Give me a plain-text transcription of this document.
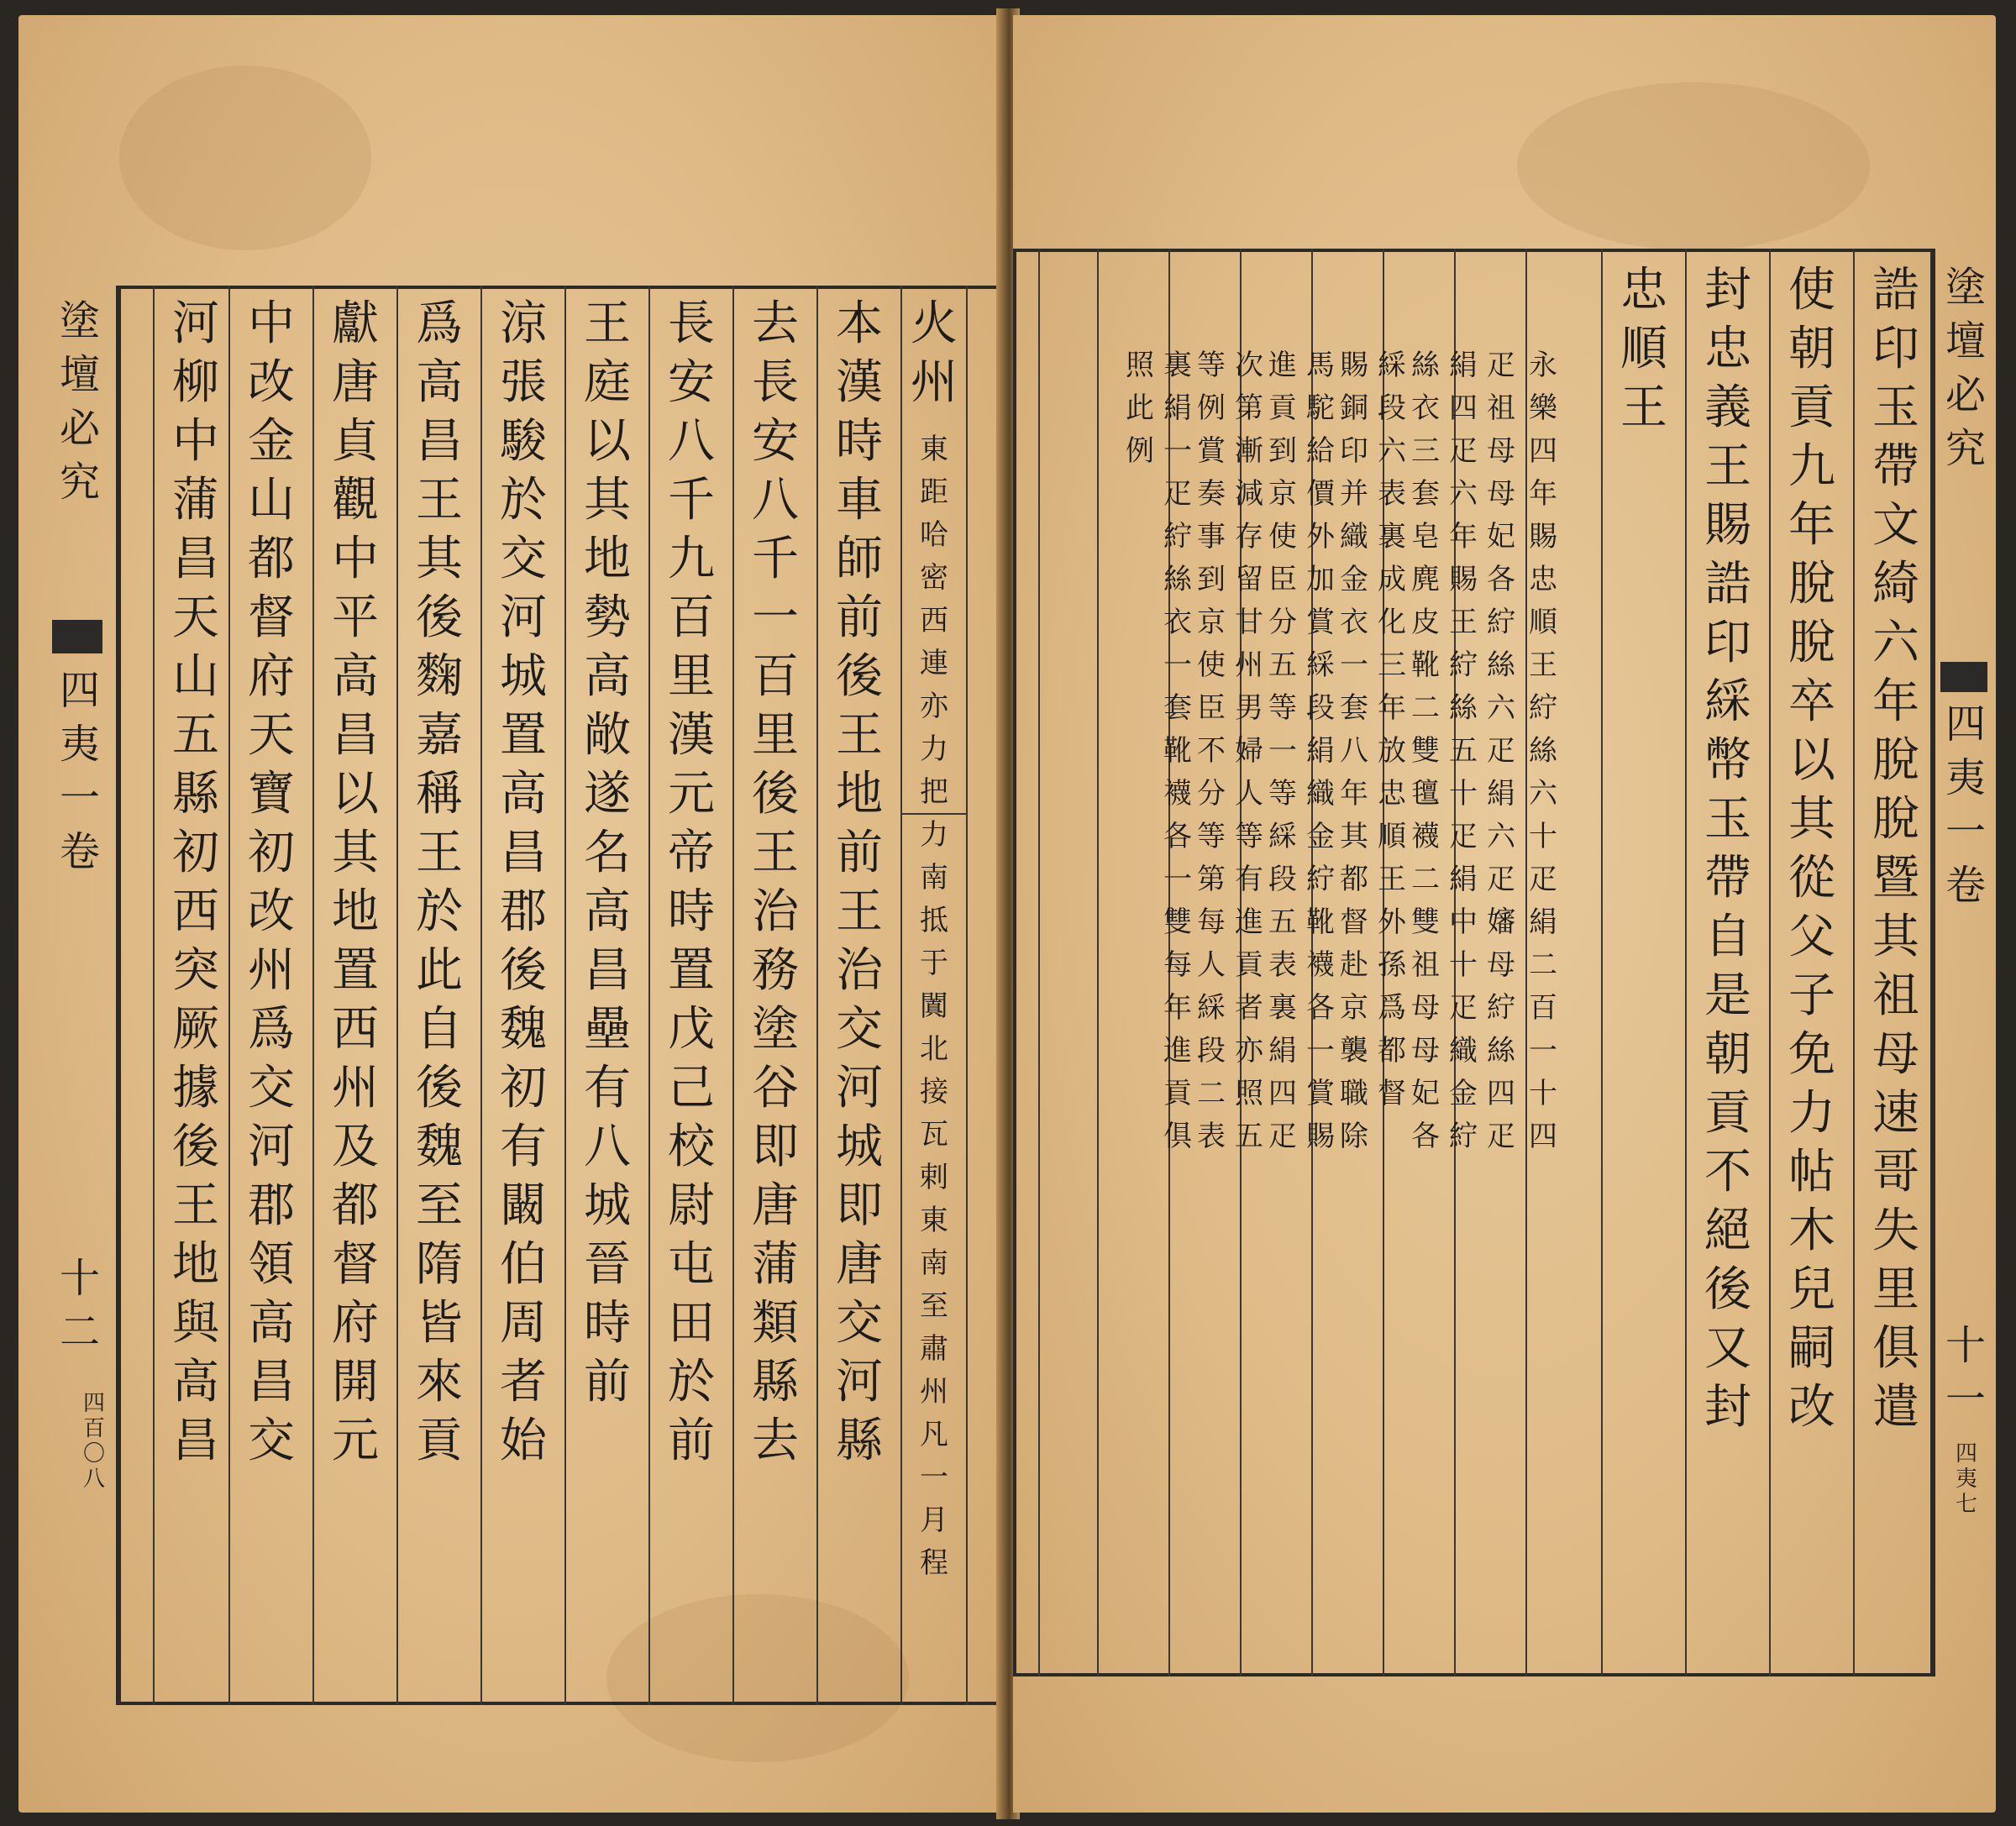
塗
壇
必
究
四
夷
一
卷
十
二
四
百
〇
八
火
州
東
距
哈
密
西
連
亦
力
把
力
南
抵
于
闐
北
接
瓦
剌
東
南
至
肅
州
凡
一
月
程
本
漢
時
車
師
前
後
王
地
前
王
治
交
河
城
即
唐
交
河
縣
去
長
安
八
千
一
百
里
後
王
治
務
塗
谷
即
唐
蒲
類
縣
去
長
安
八
千
九
百
里
漢
元
帝
時
置
戊
己
校
尉
屯
田
於
前
王
庭
以
其
地
勢
高
敞
遂
名
高
昌
壘
有
八
城
晉
時
前
涼
張
駿
於
交
河
城
置
高
昌
郡
後
魏
初
有
闞
伯
周
者
始
爲
高
昌
王
其
後
麴
嘉
稱
王
於
此
自
後
魏
至
隋
皆
來
貢
獻
唐
貞
觀
中
平
高
昌
以
其
地
置
西
州
及
都
督
府
開
元
中
改
金
山
都
督
府
天
寶
初
改
州
爲
交
河
郡
領
高
昌
交
河
柳
中
蒲
昌
天
山
五
縣
初
西
突
厥
據
後
王
地
與
高
昌
塗
壇
必
究
四
夷
一
卷
十
一
四
夷
七
誥
印
玉
帶
文
綺
六
年
脫
脫
暨
其
祖
母
速
哥
失
里
俱
遣
使
朝
貢
九
年
脫
脫
卒
以
其
從
父
子
免
力
帖
木
兒
嗣
改
封
忠
義
王
賜
誥
印
綵
幣
玉
帶
自
是
朝
貢
不
絕
後
又
封
忠
順
王
永
樂
四
年
賜
忠
順
王
紵
絲
六
十
疋
絹
二
百
一
十
四
疋
祖
母
母
妃
各
紵
絲
六
疋
絹
六
疋
嬸
母
紵
絲
四
疋
絹
四
疋
六
年
賜
王
紵
絲
五
十
疋
絹
中
十
疋
織
金
紵
絲
衣
三
套
皂
麂
皮
靴
二
雙
氊
襪
二
雙
祖
母
母
妃
各
綵
段
六
表
裏
成
化
三
年
放
忠
順
王
外
孫
爲
都
督
賜
銅
印
并
織
金
衣
一
套
八
年
其
都
督
赴
京
襲
職
除
馬
駝
給
價
外
加
賞
綵
段
絹
織
金
紵
靴
襪
各
一
賞
賜
進
貢
到
京
使
臣
分
五
等
一
等
綵
段
五
表
裏
絹
四
疋
次
第
漸
減
存
留
甘
州
男
婦
人
等
有
進
貢
者
亦
照
五
等
例
賞
奏
事
到
京
使
臣
不
分
等
第
每
人
綵
段
二
表
裏
絹
一
疋
紵
絲
衣
一
套
靴
襪
各
一
雙
每
年
進
貢
俱
照
此
例
